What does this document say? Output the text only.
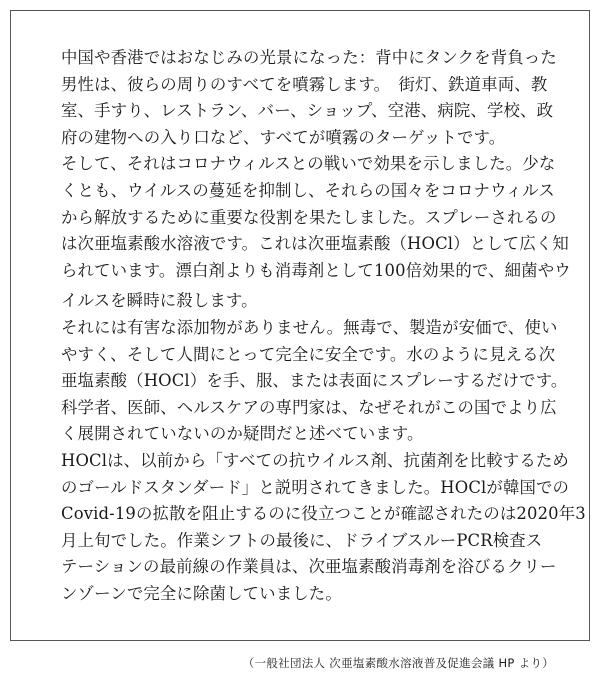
中国や香港ではおなじみの光景になった：背中にタンクを背負った
男性は、彼らの周りのすべてを噴霧します。　街灯、鉄道車両、教
室、手すり、レストラン、バー、ショップ、空港、病院、学校、政
府の建物への入り口など、すべてが噴霧のターゲットです。
そして、それはコロナウィルスとの戦いで効果を示しました。少な
くとも、ウイルスの蔓延を抑制し、それらの国々をコロナウィルス
から解放するために重要な役割を果たしました。スプレーされるの
は次亜塩素酸水溶液です。これは次亜塩素酸（HOCl）として広く知
られています。漂白剤よりも消毒剤として100倍効果的で、細菌やウ
イルスを瞬時に殺します。
それには有害な添加物がありません。無毒で、製造が安価で、使い
やすく、そして人間にとって完全に安全です。水のように見える次
亜塩素酸（HOCl）を手、服、または表面にスプレーするだけです。
科学者、医師、ヘルスケアの専門家は、なぜそれがこの国でより広
く展開されていないのか疑問だと述べています。
HOClは、以前から「すべての抗ウイルス剤、抗菌剤を比較するため
のゴールドスタンダード」と説明されてきました。HOClが韓国での
Covid-19の拡散を阻止するのに役立つことが確認されたのは2020年3
月上旬でした。作業シフトの最後に、ドライブスルーPCR検査ス
テーションの最前線の作業員は、次亜塩素酸消毒剤を浴びるクリー
ンゾーンで完全に除菌していました。
（一般社団法人 次亜塩素酸水溶液普及促進会議 HP より）
